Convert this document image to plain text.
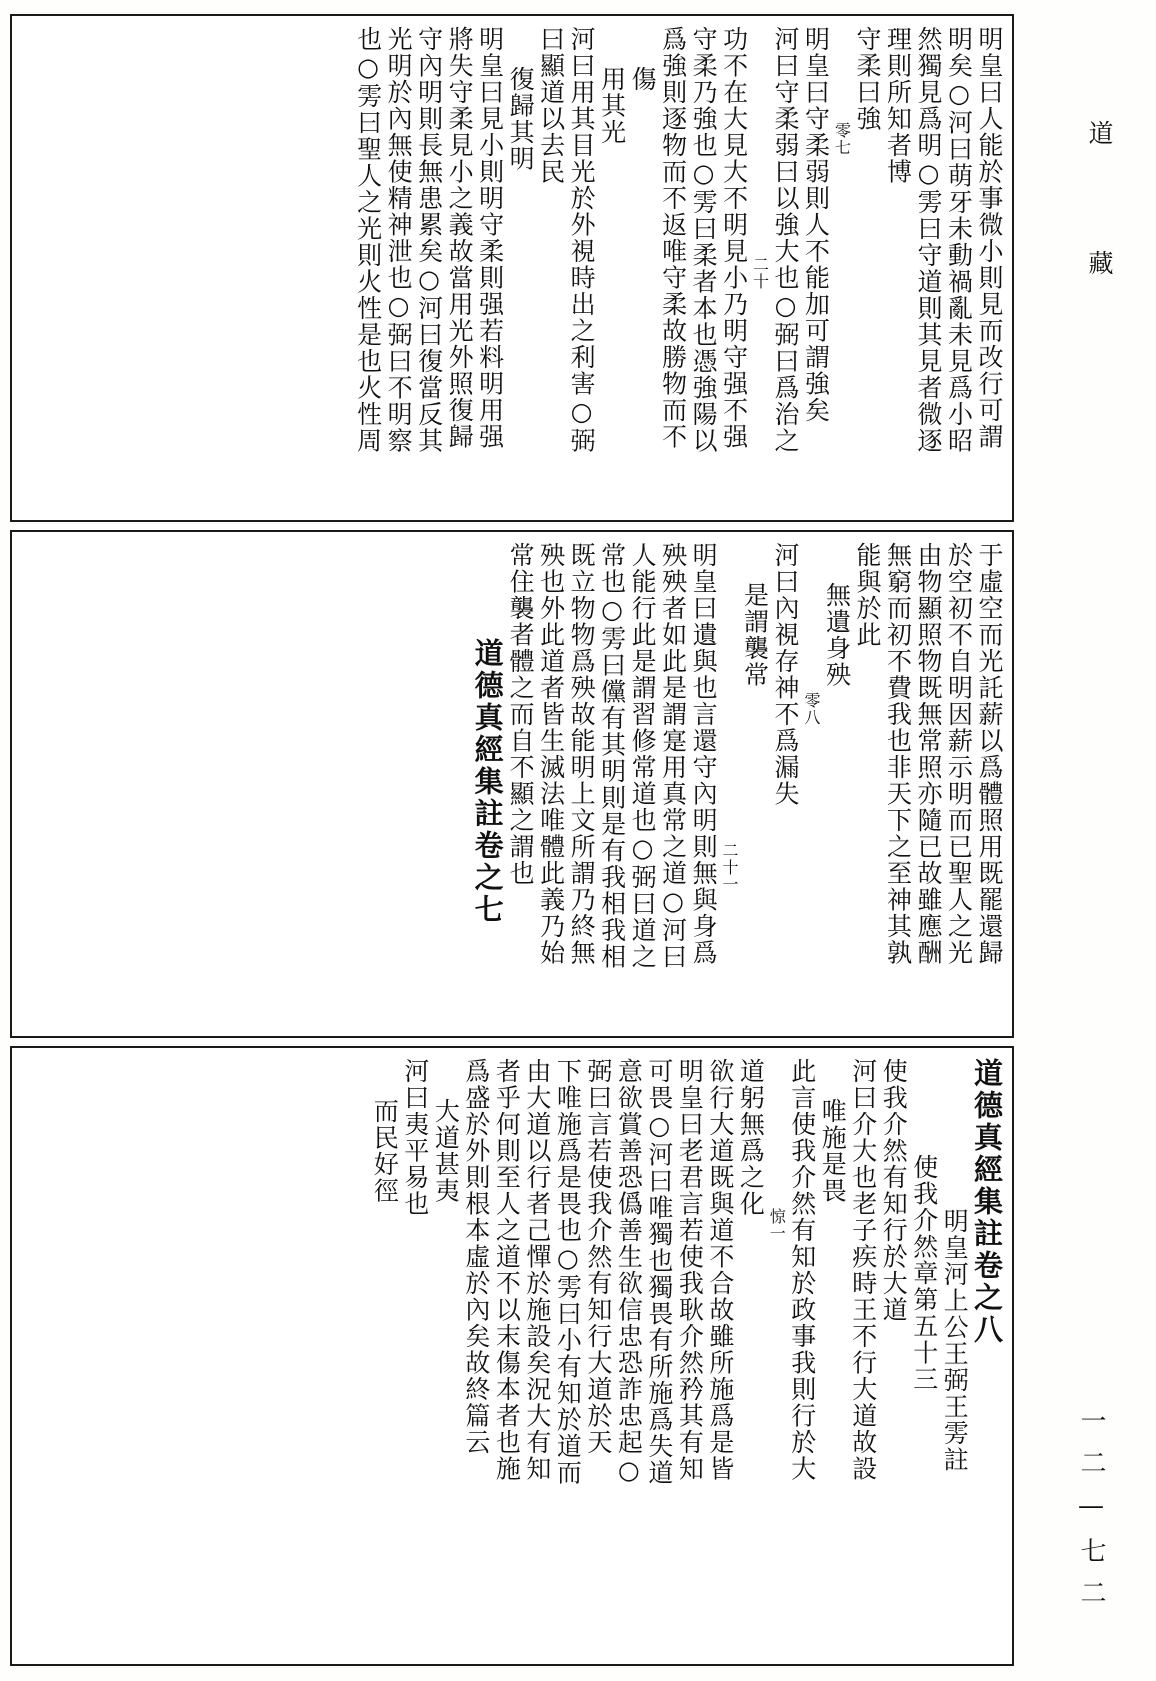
道 藏
一二—七二
明皇曰人能於事微小則見而改行可謂
明矣○河曰萌牙未動禍亂未見爲小昭
然獨見爲明○雱曰守道則其見者微逐
理則所知者博
守柔曰強
零七
明皇曰守柔弱則人不能加可謂強矣
河曰守柔弱曰以強大也○弼曰爲治之
二十
功不在大見大不明見小乃明守强不强
守柔乃強也○雱曰柔者本也憑強陽以
爲強則逐物而不返唯守柔故勝物而不
傷
用其光
河曰用其目光於外視時出之利害○弼
曰顯道以去民
復歸其明
明皇曰見小則明守柔則强若料明用强
將失守柔見小之義故當用光外照復歸
守內明則長無患累矣○河曰復當反其
光明於內無使精神泄也○弼曰不明察
也○雱曰聖人之光則火性是也火性周
于虛空而光託薪以爲體照用既罷還歸
於空初不自明因薪示明而已聖人之光
由物顯照物既無常照亦隨已故雖應酬
無窮而初不費我也非天下之至神其孰
能與於此
無遺身殃
零八
河曰內視存神不爲漏失
是謂襲常
二十一
明皇曰遺與也言還守內明則無與身爲
殃殃者如此是謂寔用真常之道○河曰
人能行此是謂習修常道也○弼曰道之
常也○雱曰儻有其明則是有我相我相
既立物物爲殃故能明上文所謂乃終無
殃也外此道者皆生滅法唯體此義乃始
常住襲者體之而自不顯之謂也
道德真經集註卷之七
道德真經集註卷之八
明皇河上公王弼王雱註
使我介然章第五十三
使我介然有知行於大道
河曰介大也老子疾時王不行大道故設
唯施是畏
此言使我介然有知於政事我則行於大
惊一
道躬無爲之化
欲行大道既與道不合故雖所施爲是皆
明皇曰老君言若使我耿介然矜其有知
可畏○河曰唯獨也獨畏有所施爲失道
意欲賞善恐僞善生欲信忠恐詐忠起○
弼曰言若使我介然有知行大道於天
下唯施爲是畏也○雱曰小有知於道而
由大道以行者己憚於施設矣況大有知
者乎何則至人之道不以末傷本者也施
爲盛於外則根本虛於內矣故終篇云
大道甚夷
河曰夷平易也
而民好徑
